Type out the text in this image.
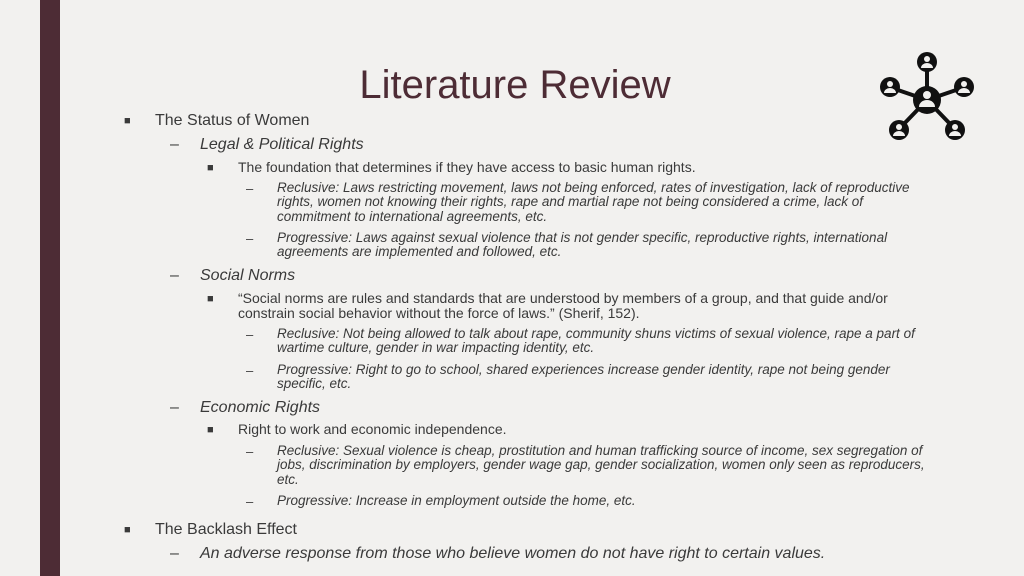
Literature Review
■ The Status of Women
– Legal & Political Rights
■ The foundation that determines if they have access to basic human rights.
– Reclusive: Laws restricting movement, laws not being enforced, rates of investigation, lack of reproductive rights, women not knowing their rights, rape and martial rape not being considered a crime, lack of commitment to international agreements, etc.
– Progressive: Laws against sexual violence that is not gender specific, reproductive rights, international agreements are implemented and followed, etc.
– Social Norms
■ “Social norms are rules and standards that are understood by members of a group, and that guide and/or constrain social behavior without the force of laws.” (Sherif, 152).
– Reclusive: Not being allowed to talk about rape, community shuns victims of sexual violence, rape a part of wartime culture, gender in war impacting identity, etc.
– Progressive: Right to go to school, shared experiences increase gender identity, rape not being gender specific, etc.
– Economic Rights
■ Right to work and economic independence.
– Reclusive: Sexual violence is cheap, prostitution and human trafficking source of income, sex segregation of jobs, discrimination by employers, gender wage gap, gender socialization, women only seen as reproducers, etc.
– Progressive: Increase in employment outside the home, etc.
■ The Backlash Effect
– An adverse response from those who believe women do not have right to certain values.
